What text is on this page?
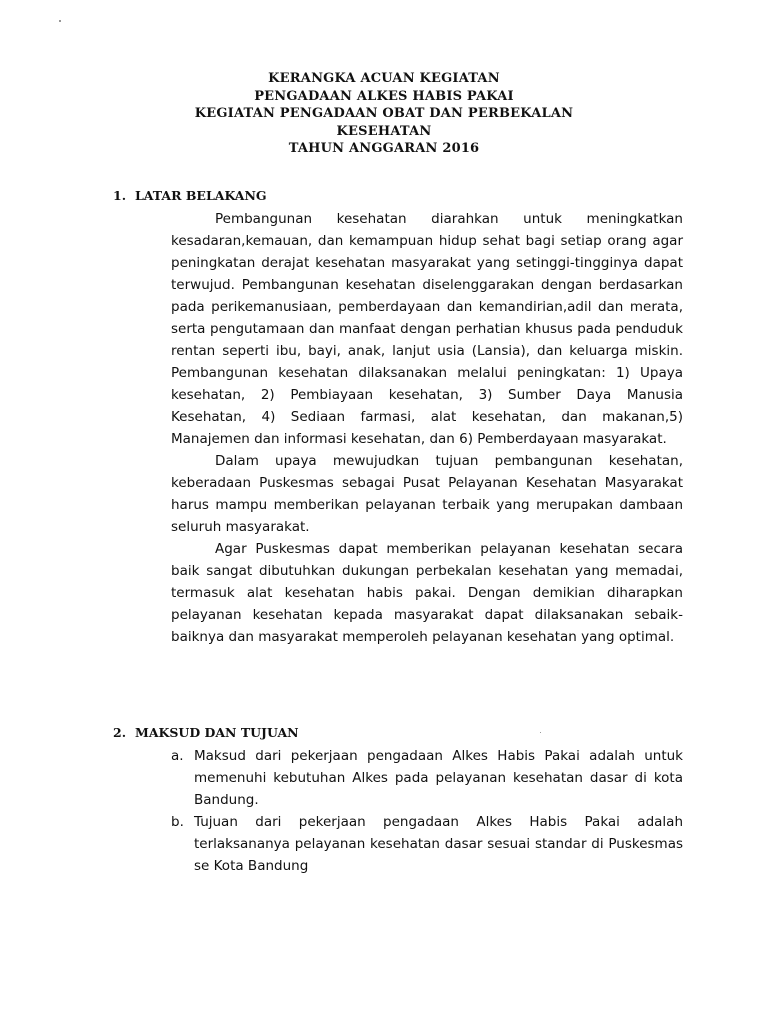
KERANGKA ACUAN KEGIATAN
PENGADAAN ALKES HABIS PAKAI
KEGIATAN PENGADAAN OBAT DAN PERBEKALAN
KESEHATAN
TAHUN ANGGARAN 2016
1. LATAR BELAKANG

Pembangunan kesehatan diarahkan untuk meningkatkan kesadaran,kemauan, dan kemampuan hidup sehat bagi setiap orang agar peningkatan derajat kesehatan masyarakat yang setinggi-tingginya dapat terwujud. Pembangunan kesehatan diselenggarakan dengan berdasarkan pada perikemanusiaan, pemberdayaan dan kemandirian,adil dan merata, serta pengutamaan dan manfaat dengan perhatian khusus pada penduduk rentan seperti ibu, bayi, anak, lanjut usia (Lansia), dan keluarga miskin. Pembangunan kesehatan dilaksanakan melalui peningkatan: 1) Upaya kesehatan, 2) Pembiayaan kesehatan, 3) Sumber Daya Manusia Kesehatan, 4) Sediaan farmasi, alat kesehatan, dan makanan,5) Manajemen dan informasi kesehatan, dan 6) Pemberdayaan masyarakat.

Dalam upaya mewujudkan tujuan pembangunan kesehatan, keberadaan Puskesmas sebagai Pusat Pelayanan Kesehatan Masyarakat harus mampu memberikan pelayanan terbaik yang merupakan dambaan seluruh masyarakat.

Agar Puskesmas dapat memberikan pelayanan kesehatan secara baik sangat dibutuhkan dukungan perbekalan kesehatan yang memadai, termasuk alat kesehatan habis pakai. Dengan demikian diharapkan pelayanan kesehatan kepada masyarakat dapat dilaksanakan sebaik-baiknya dan masyarakat memperoleh pelayanan kesehatan yang optimal.

2. MAKSUD DAN TUJUAN

a. Maksud dari pekerjaan pengadaan Alkes Habis Pakai adalah untuk memenuhi kebutuhan Alkes pada pelayanan kesehatan dasar di kota Bandung.

b. Tujuan dari pekerjaan pengadaan Alkes Habis Pakai adalah terlaksananya pelayanan kesehatan dasar sesuai standar di Puskesmas se Kota Bandung
